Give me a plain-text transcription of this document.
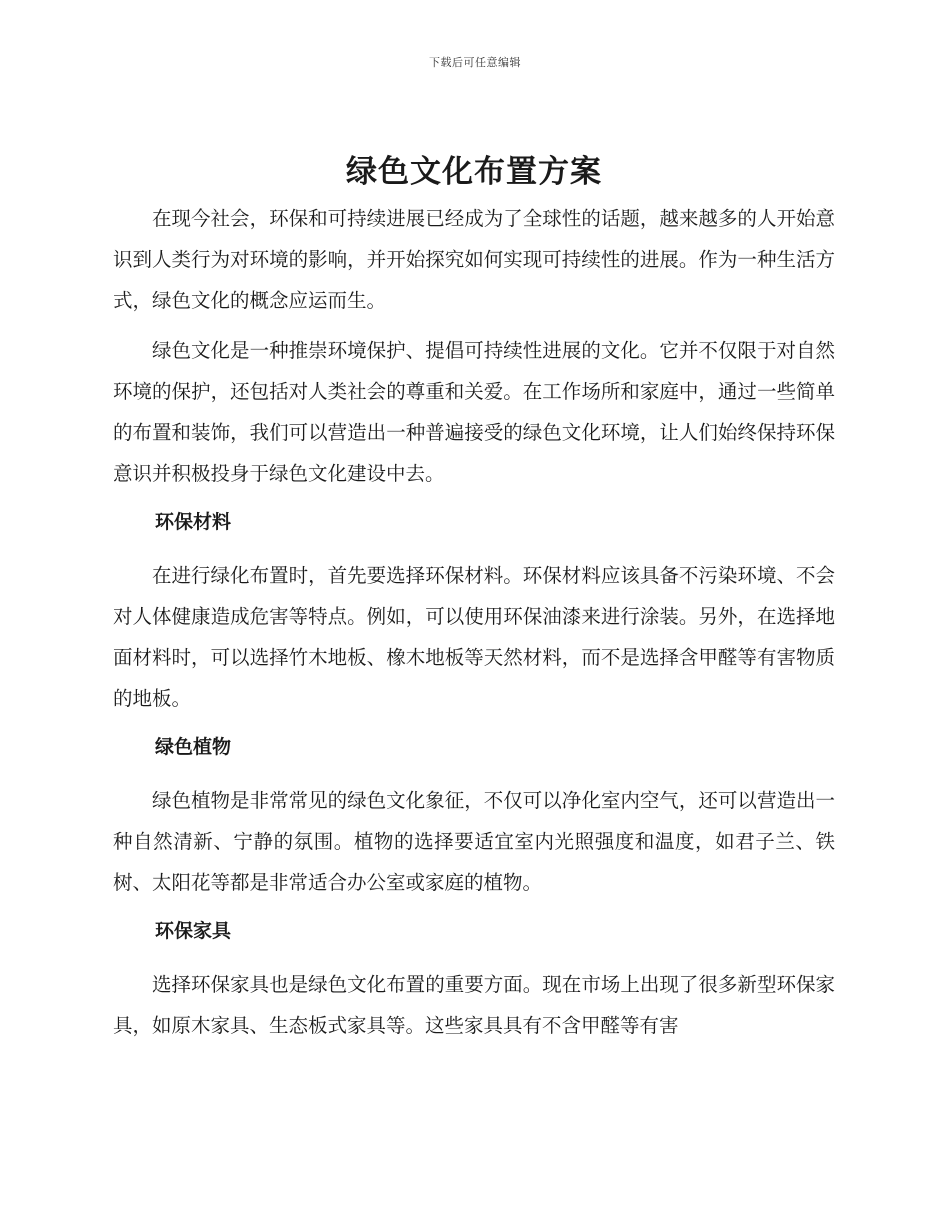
下载后可任意编辑
绿色文化布置方案

在现今社会，环保和可持续进展已经成为了全球性的话题，越来越多的人开始意识到人类行为对环境的影响，并开始探究如何实现可持续性的进展。作为一种生活方式，绿色文化的概念应运而生。

绿色文化是一种推崇环境保护、提倡可持续性进展的文化。它并不仅限于对自然环境的保护，还包括对人类社会的尊重和关爱。在工作场所和家庭中，通过一些简单的布置和装饰，我们可以营造出一种普遍接受的绿色文化环境，让人们始终保持环保意识并积极投身于绿色文化建设中去。

环保材料

在进行绿化布置时，首先要选择环保材料。环保材料应该具备不污染环境、不会对人体健康造成危害等特点。例如，可以使用环保油漆来进行涂装。另外，在选择地面材料时，可以选择竹木地板、橡木地板等天然材料，而不是选择含甲醛等有害物质的地板。

绿色植物

绿色植物是非常常见的绿色文化象征，不仅可以净化室内空气，还可以营造出一种自然清新、宁静的氛围。植物的选择要适宜室内光照强度和温度，如君子兰、铁树、太阳花等都是非常适合办公室或家庭的植物。

环保家具

选择环保家具也是绿色文化布置的重要方面。现在市场上出现了很多新型环保家具，如原木家具、生态板式家具等。这些家具具有不含甲醛等有害
